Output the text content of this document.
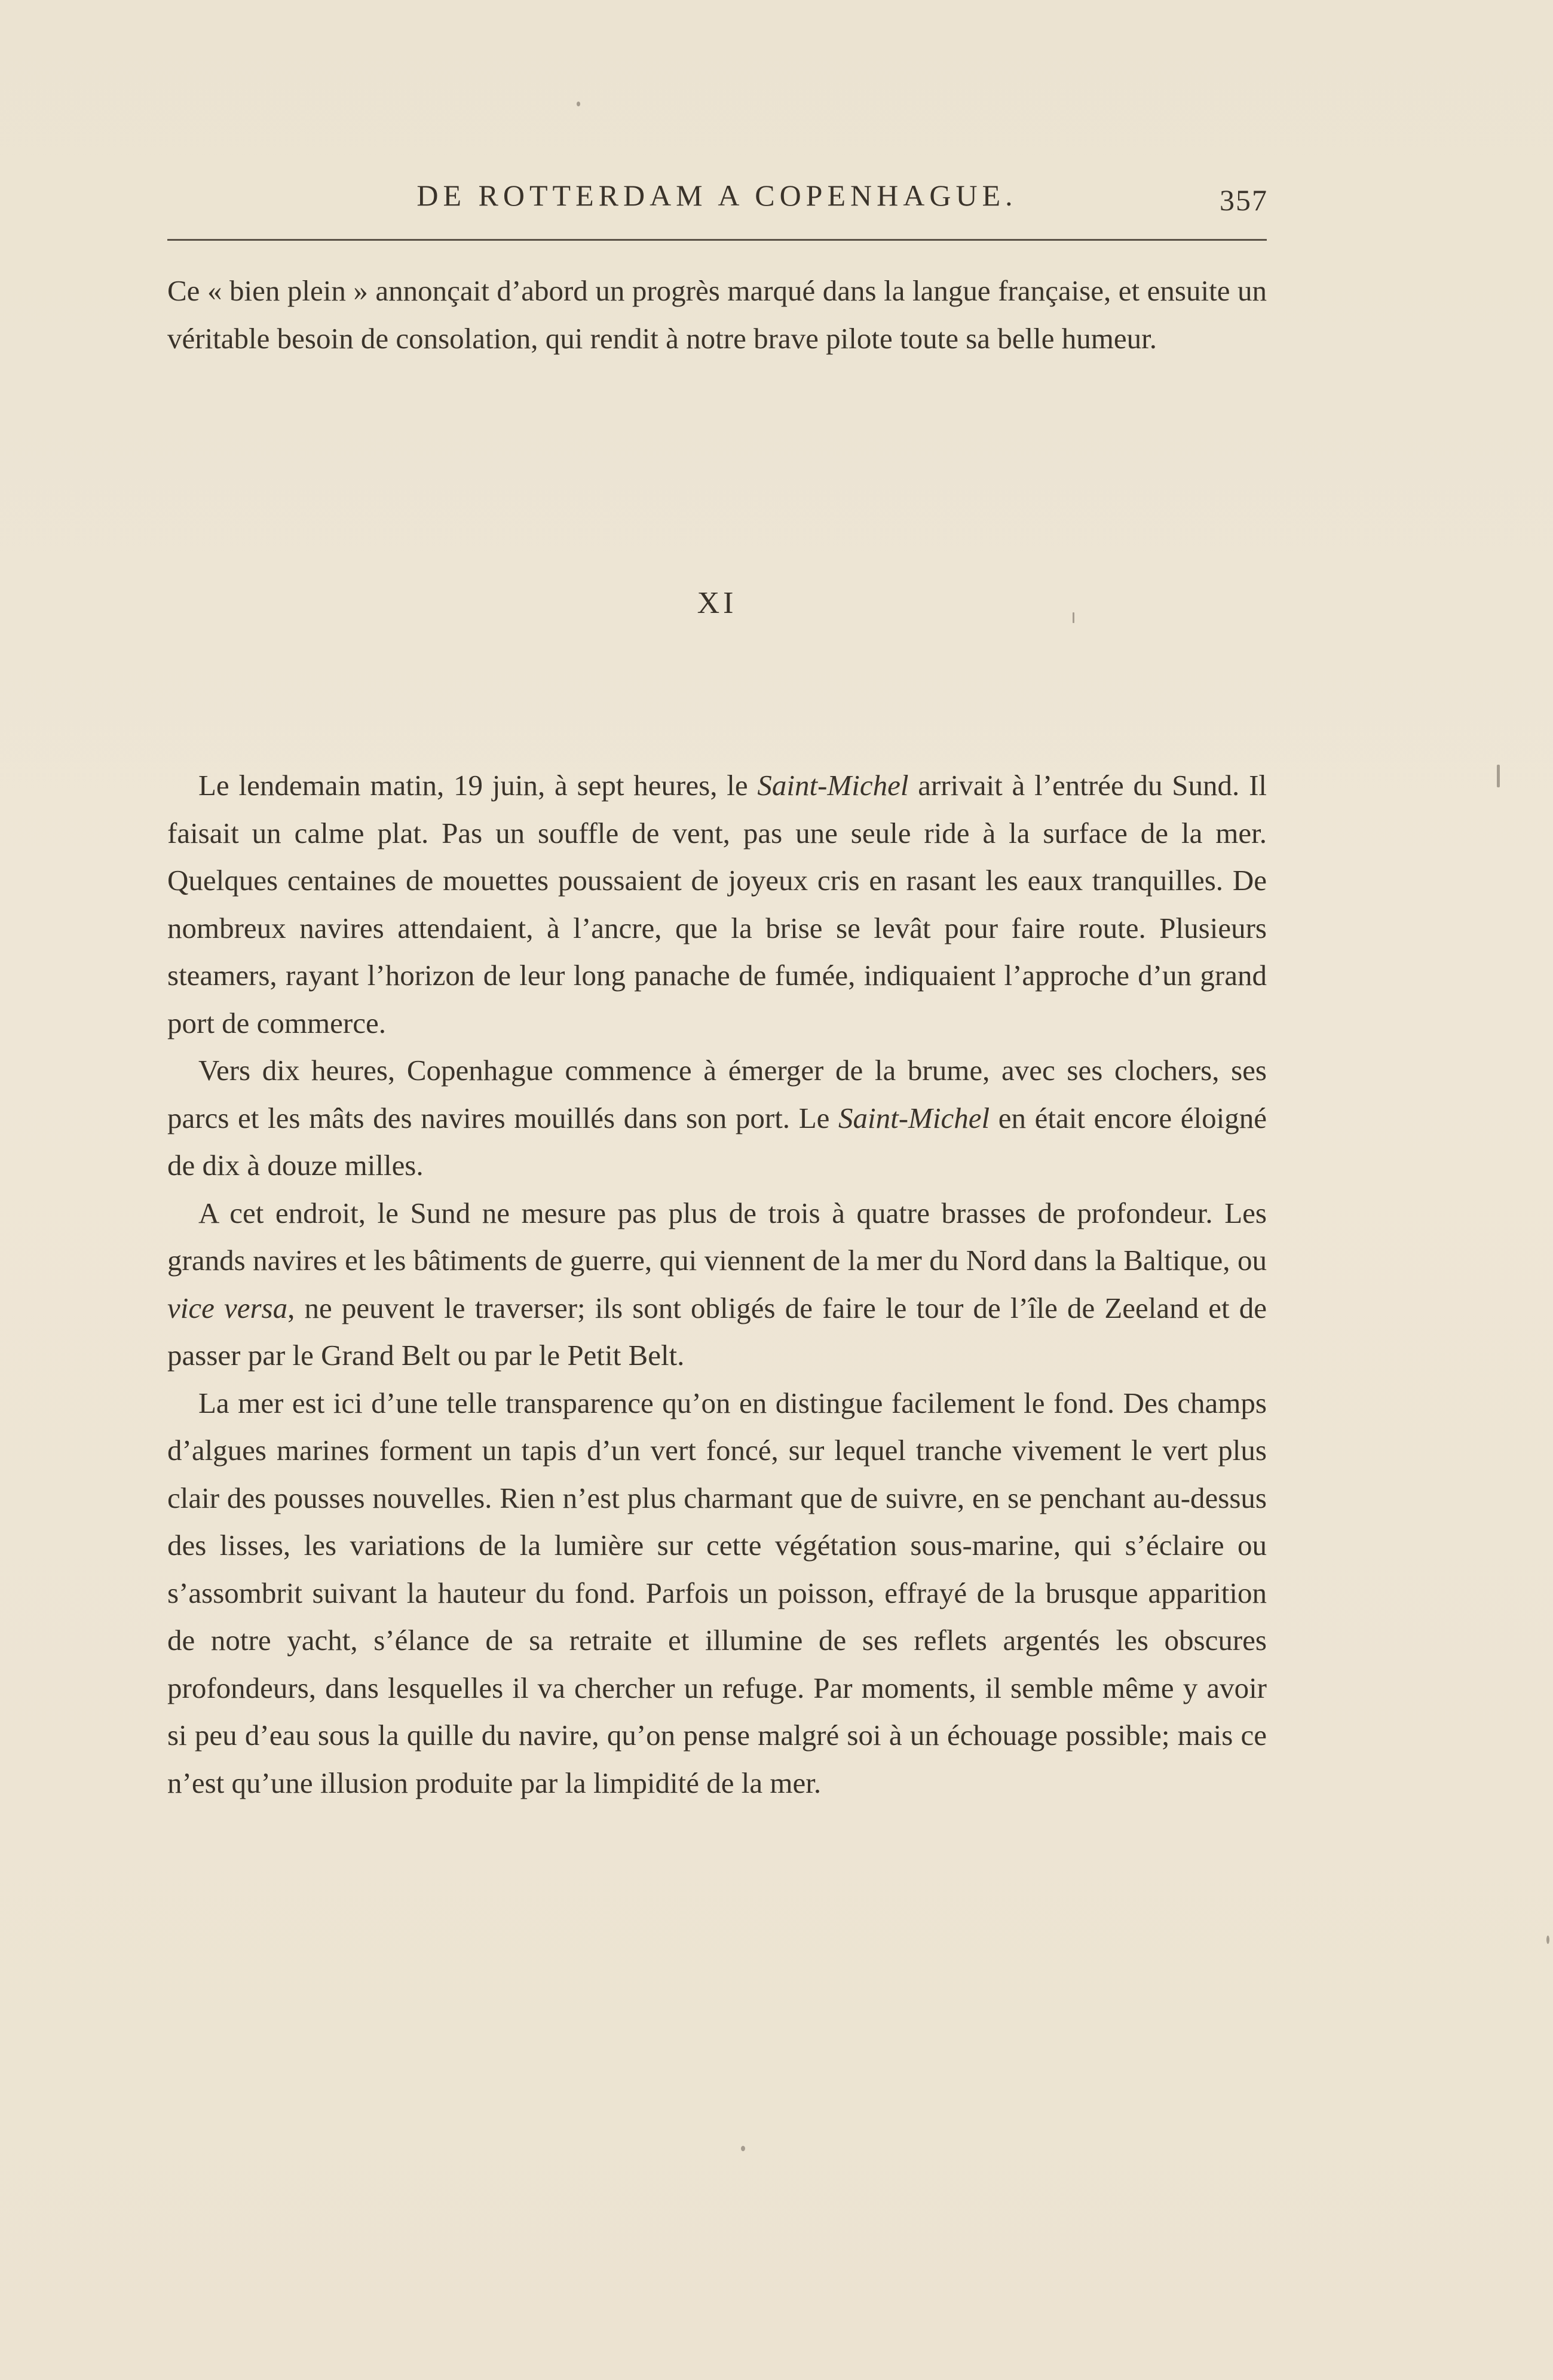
DE ROTTERDAM A COPENHAGUE.	357

Ce « bien plein » annonçait d’abord un progrès marqué dans la langue française, et ensuite un véritable besoin de consolation, qui rendit à notre brave pilote toute sa belle humeur.

XI

Le lendemain matin, 19 juin, à sept heures, le Saint-Michel arrivait à l’entrée du Sund. Il faisait un calme plat. Pas un souffle de vent, pas une seule ride à la surface de la mer. Quelques centaines de mouettes poussaient de joyeux cris en rasant les eaux tranquilles. De nombreux navires attendaient, à l’ancre, que la brise se levât pour faire route. Plusieurs steamers, rayant l’horizon de leur long panache de fumée, indiquaient l’approche d’un grand port de commerce.

Vers dix heures, Copenhague commence à émerger de la brume, avec ses clochers, ses parcs et les mâts des navires mouillés dans son port. Le Saint-Michel en était encore éloigné de dix à douze milles.

A cet endroit, le Sund ne mesure pas plus de trois à quatre brasses de profondeur. Les grands navires et les bâtiments de guerre, qui viennent de la mer du Nord dans la Baltique, ou vice versa, ne peuvent le traverser; ils sont obligés de faire le tour de l’île de Zeeland et de passer par le Grand Belt ou par le Petit Belt.

La mer est ici d’une telle transparence qu’on en distingue facilement le fond. Des champs d’algues marines forment un tapis d’un vert foncé, sur lequel tranche vivement le vert plus clair des pousses nouvelles. Rien n’est plus charmant que de suivre, en se penchant au-dessus des lisses, les variations de la lumière sur cette végétation sous-marine, qui s’éclaire ou s’assombrit suivant la hauteur du fond. Parfois un poisson, effrayé de la brusque apparition de notre yacht, s’élance de sa retraite et illumine de ses reflets argentés les obscures profondeurs, dans lesquelles il va chercher un refuge. Par moments, il semble même y avoir si peu d’eau sous la quille du navire, qu’on pense malgré soi à un échouage possible; mais ce n’est qu’une illusion produite par la limpidité de la mer.
